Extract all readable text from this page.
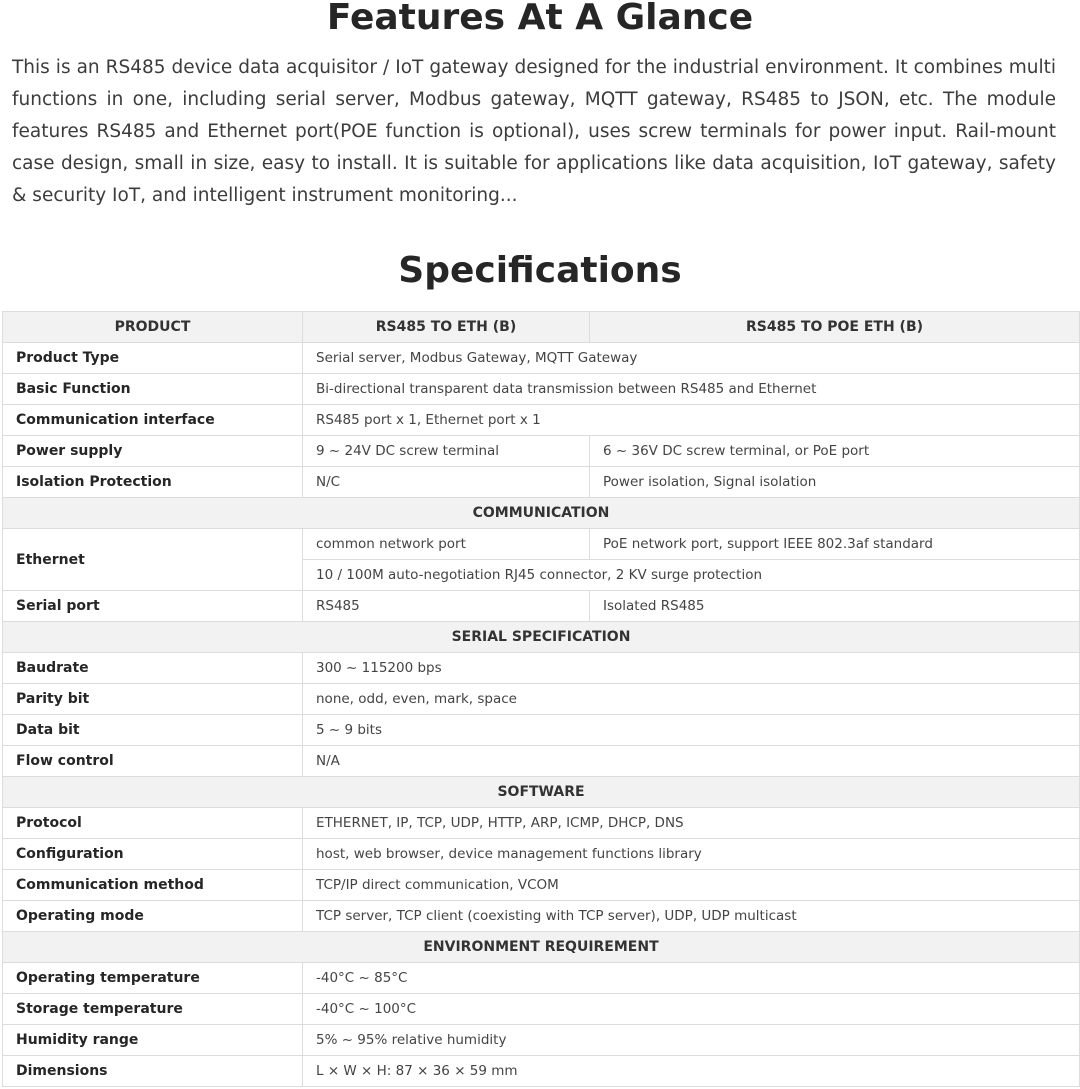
Features At A Glance

This is an RS485 device data acquisitor / IoT gateway designed for the industrial environment. It combines multi functions in one, including serial server, Modbus gateway, MQTT gateway, RS485 to JSON, etc. The module features RS485 and Ethernet port(POE function is optional), uses screw terminals for power input. Rail-mount case design, small in size, easy to install. It is suitable for applications like data acquisition, IoT gateway, safety & security IoT, and intelligent instrument monitoring...

Specifications
PRODUCT	RS485 TO ETH (B)	RS485 TO POE ETH (B)
Product Type	Serial server, Modbus Gateway, MQTT Gateway	
Basic Function	Bi-directional transparent data transmission between RS485 and Ethernet	
Communication interface	RS485 port x 1, Ethernet port x 1	
Power supply	9 ~ 24V DC screw terminal	6 ~ 36V DC screw terminal, or PoE port
Isolation Protection	N/C	Power isolation, Signal isolation
COMMUNICATION		
Ethernet	common network port	PoE network port, support IEEE 802.3af standard
	10 / 100M auto-negotiation RJ45 connector, 2 KV surge protection	
Serial port	RS485	Isolated RS485
SERIAL SPECIFICATION		
Baudrate	300 ~ 115200 bps	
Parity bit	none, odd, even, mark, space	
Data bit	5 ~ 9 bits	
Flow control	N/A	
SOFTWARE		
Protocol	ETHERNET, IP, TCP, UDP, HTTP, ARP, ICMP, DHCP, DNS	
Configuration	host, web browser, device management functions library	
Communication method	TCP/IP direct communication, VCOM	
Operating mode	TCP server, TCP client (coexisting with TCP server), UDP, UDP multicast	
ENVIRONMENT REQUIREMENT		
Operating temperature	-40°C ~ 85°C	
Storage temperature	-40°C ~ 100°C	
Humidity range	5% ~ 95% relative humidity	
Dimensions	L × W × H: 87 × 36 × 59 mm	
